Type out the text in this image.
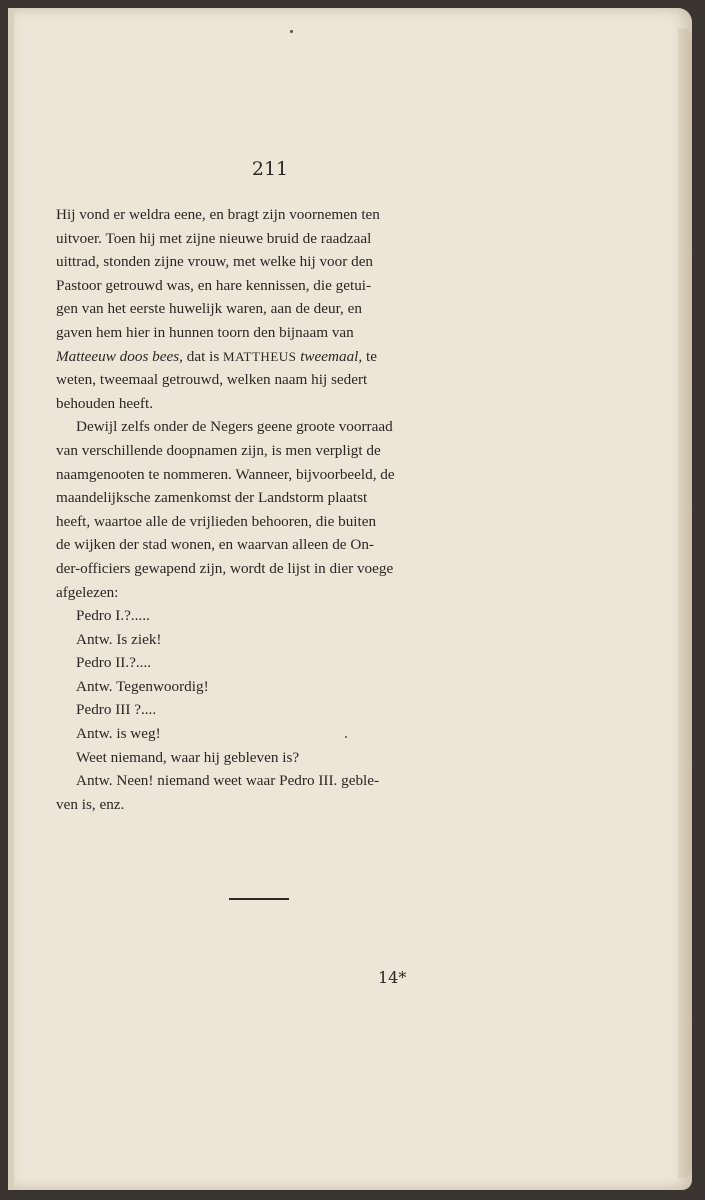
211

Hij vond er weldra eene, en bragt zijn voornemen ten
uitvoer. Toen hij met zijne nieuwe bruid de raadzaal
uittrad, stonden zijne vrouw, met welke hij voor den
Pastoor getrouwd was, en hare kennissen, die getui-
gen van het eerste huwelijk waren, aan de deur, en
gaven hem hier in hunnen toorn den bijnaam van
Matteeuw doos bees, dat is MATTHEUS tweemaal, te
weten, tweemaal getrouwd, welken naam hij sedert
behouden heeft.

Dewijl zelfs onder de Negers geene groote voorraad
van verschillende doopnamen zijn, is men verpligt de
naamgenooten te nommeren. Wanneer, bijvoorbeeld, de
maandelijksche zamenkomst der Landstorm plaatst
heeft, waartoe alle de vrijlieden behooren, die buiten
de wijken der stad wonen, en waarvan alleen de On-
der-officiers gewapend zijn, wordt de lijst in dier voege
afgelezen:

Pedro I.?.....
Antw. Is ziek!
Pedro II.?....
Antw. Tegenwoordig!
Pedro III ?....
Antw. is weg!
Weet niemand, waar hij gebleven is?
Antw. Neen! niemand weet waar Pedro III. geble-
ven is, enz.
14*
